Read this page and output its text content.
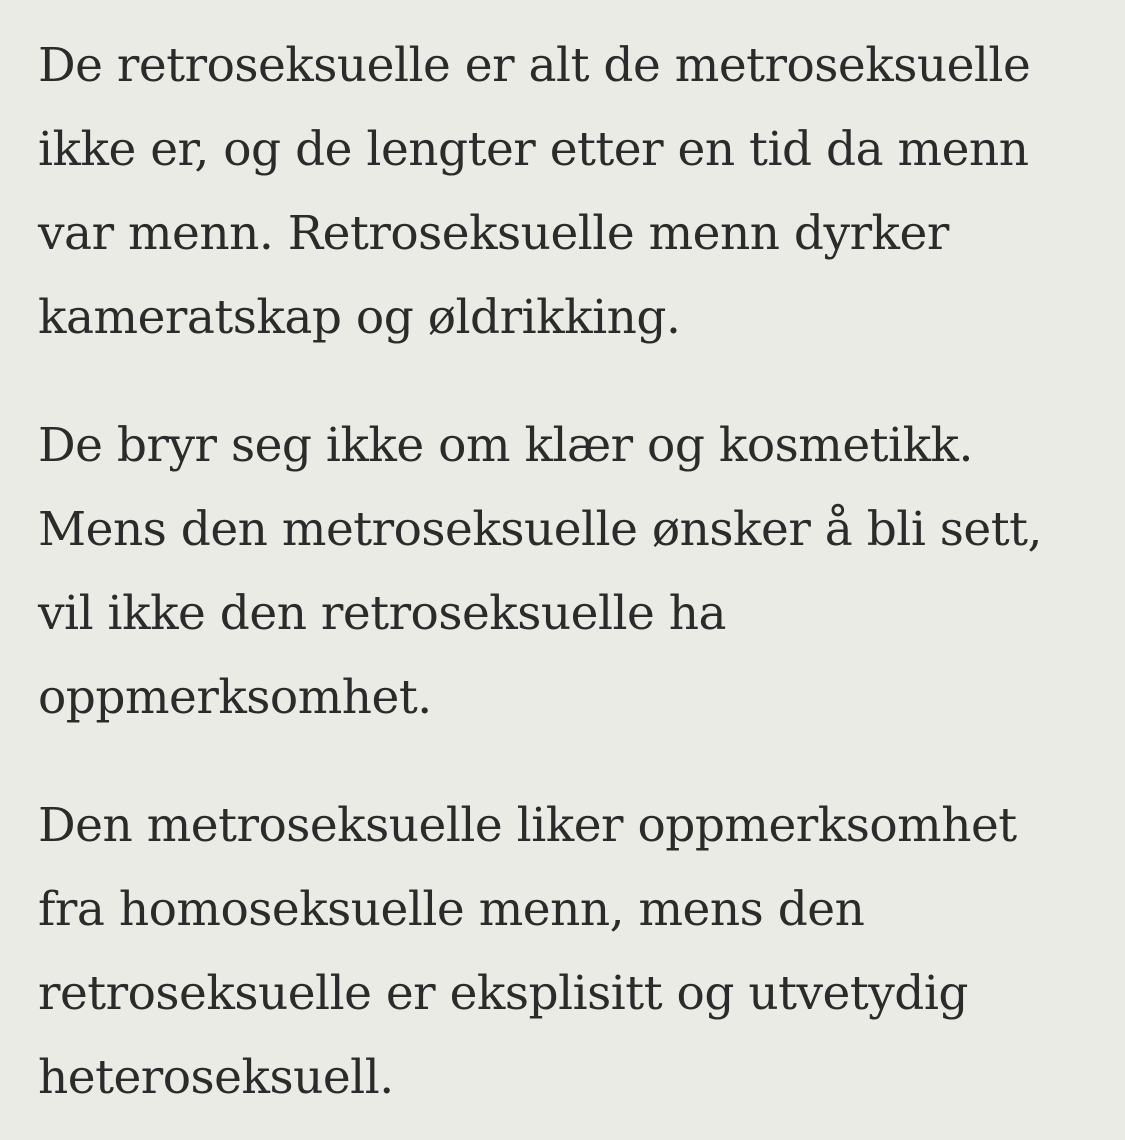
De retroseksuelle er alt de metroseksuelle
ikke er, og de lengter etter en tid da menn
var menn. Retroseksuelle menn dyrker
kameratskap og øldrikking.

De bryr seg ikke om klær og kosmetikk.
Mens den metroseksuelle ønsker å bli sett,
vil ikke den retroseksuelle ha
oppmerksomhet.

Den metroseksuelle liker oppmerksomhet
fra homoseksuelle menn, mens den
retroseksuelle er eksplisitt og utvetydig
heteroseksuell.
